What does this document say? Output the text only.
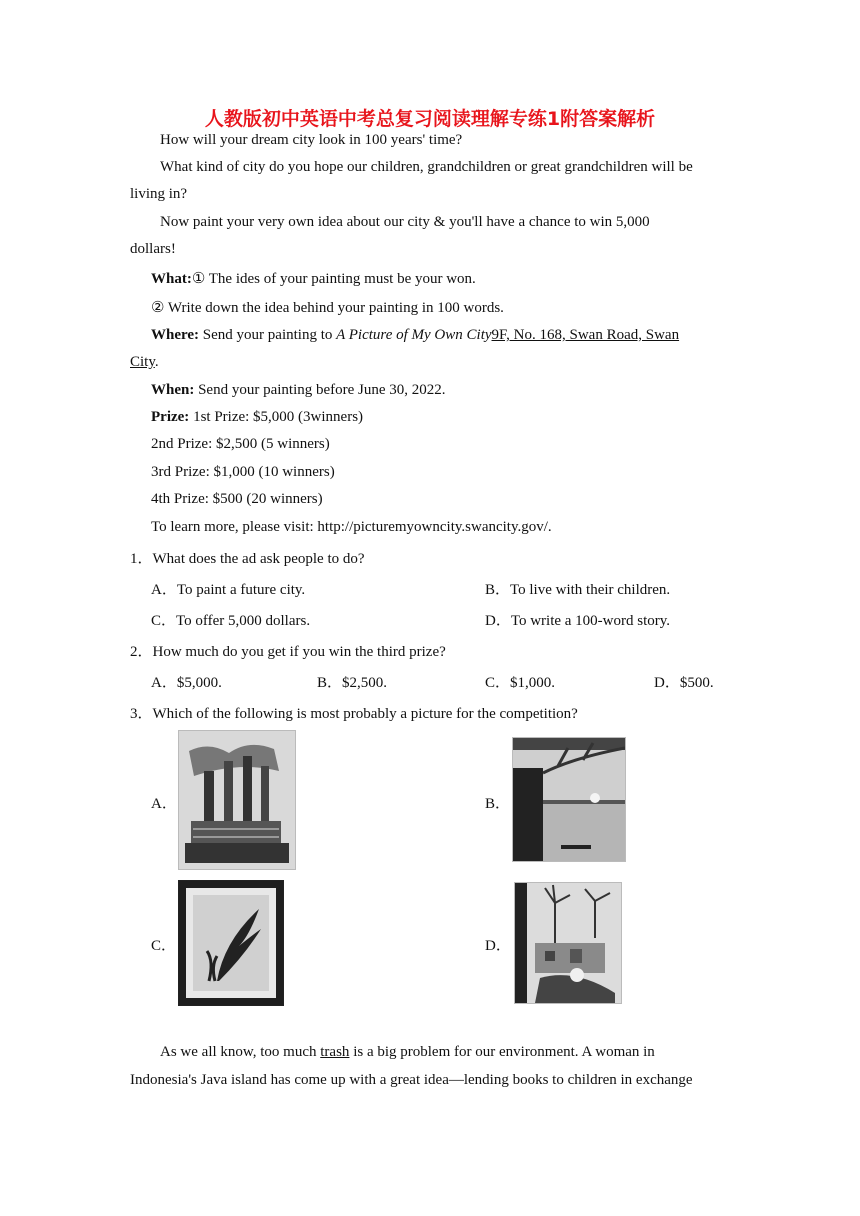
人教版初中英语中考总复习阅读理解专练1附答案解析
How will your dream city look in 100 years' time?
What kind of city do you hope our children, grandchildren or great grandchildren will be
living in?
Now paint your very own idea about our city & you'll have a chance to win 5,000
dollars!
What:① The ides of your painting must be your won.
② Write down the idea behind your painting in 100 words.
Where: Send your painting to A Picture of My Own City9F, No. 168, Swan Road, Swan
City.
When: Send your painting before June 30, 2022.
Prize: 1st Prize: $5,000 (3winners)
2nd Prize: $2,500 (5 winners)
3rd Prize: $1,000 (10 winners)
4th Prize: $500 (20 winners)
To learn more, please visit: http://picturemyowncity.swancity.gov/.
1．What does the ad ask people to do?
A．To paint a future city.	B．To live with their children.
C．To offer 5,000 dollars.	D．To write a 100-word story.
2．How much do you get if you win the third prize?
A．$5,000.	B．$2,500.	C．$1,000.	D．$500.
3．Which of the following is most probably a picture for the competition?
A．	B．
C．	D．
As we all know, too much trash is a big problem for our environment. A woman in
Indonesia's Java island has come up with a great idea—lending books to children in exchange
